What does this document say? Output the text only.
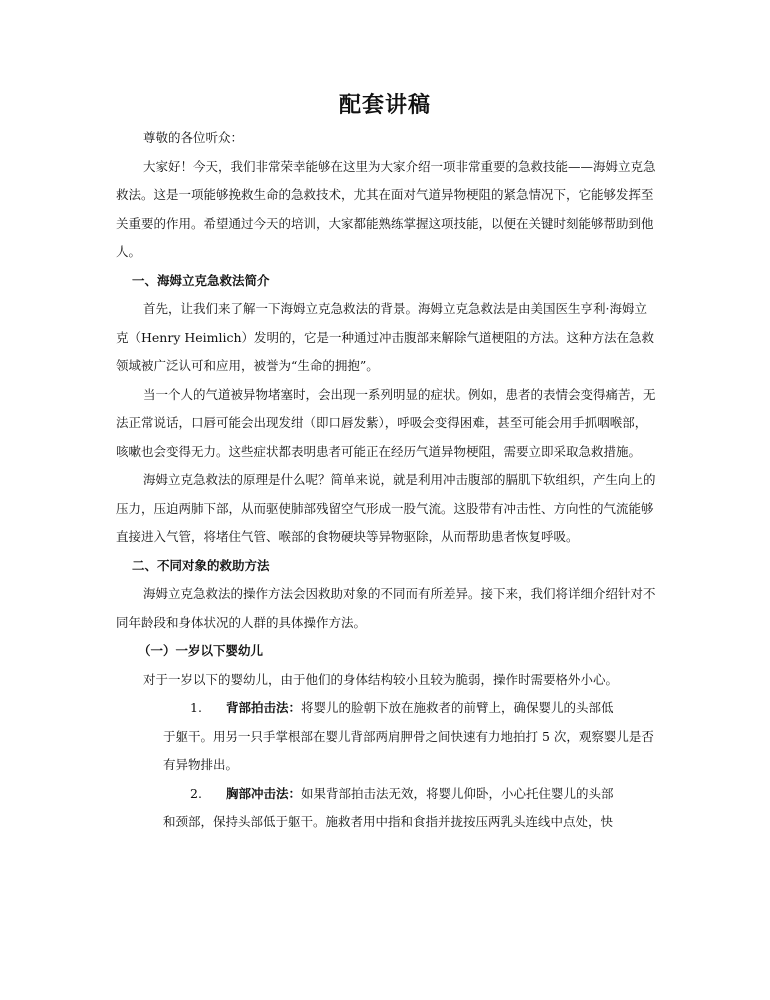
配套讲稿

尊敬的各位听众：

大家好！今天，我们非常荣幸能够在这里为大家介绍一项非常重要的急救技能——海姆立克急救法。这是一项能够挽救生命的急救技术，尤其在面对气道异物梗阻的紧急情况下，它能够发挥至关重要的作用。希望通过今天的培训，大家都能熟练掌握这项技能，以便在关键时刻能够帮助到他人。

一、海姆立克急救法简介

首先，让我们来了解一下海姆立克急救法的背景。海姆立克急救法是由美国医生亨利·海姆立克（Henry Heimlich）发明的，它是一种通过冲击腹部来解除气道梗阻的方法。这种方法在急救领域被广泛认可和应用，被誉为“生命的拥抱”。

当一个人的气道被异物堵塞时，会出现一系列明显的症状。例如，患者的表情会变得痛苦，无法正常说话，口唇可能会出现发绀（即口唇发紫），呼吸会变得困难，甚至可能会用手抓咽喉部，咳嗽也会变得无力。这些症状都表明患者可能正在经历气道异物梗阻，需要立即采取急救措施。

海姆立克急救法的原理是什么呢？简单来说，就是利用冲击腹部的膈肌下软组织，产生向上的压力，压迫两肺下部，从而驱使肺部残留空气形成一股气流。这股带有冲击性、方向性的气流能够直接进入气管，将堵住气管、喉部的食物硬块等异物驱除，从而帮助患者恢复呼吸。

二、不同对象的救助方法

海姆立克急救法的操作方法会因救助对象的不同而有所差异。接下来，我们将详细介绍针对不同年龄段和身体状况的人群的具体操作方法。

（一）一岁以下婴幼儿

对于一岁以下的婴幼儿，由于他们的身体结构较小且较为脆弱，操作时需要格外小心。

1.	背部拍击法：将婴儿的脸朝下放在施救者的前臂上，确保婴儿的头部低
于躯干。用另一只手掌根部在婴儿背部两肩胛骨之间快速有力地拍打 5 次，观察婴儿是否有异物排出。
2.	胸部冲击法：如果背部拍击法无效，将婴儿仰卧，小心托住婴儿的头部
和颈部，保持头部低于躯干。施救者用中指和食指并拢按压两乳头连线中点处，快
